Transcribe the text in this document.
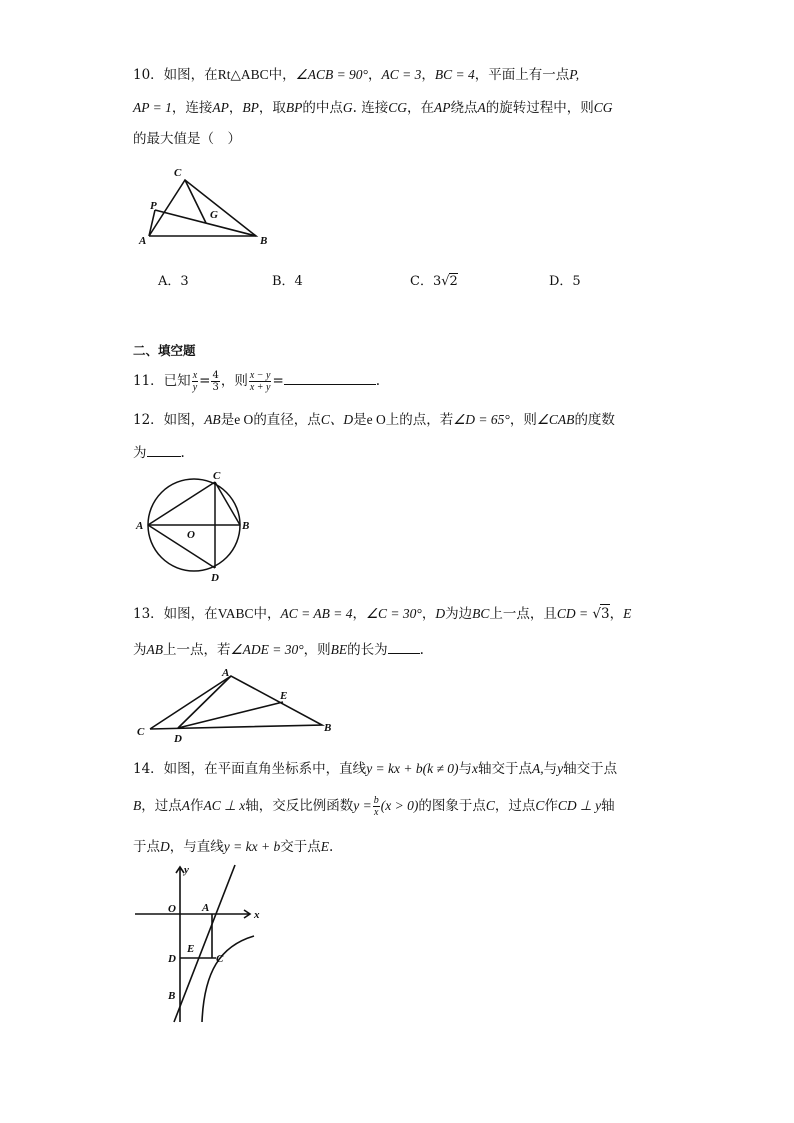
10．如图，在Rt△ABC中，∠ACB = 90°，AC = 3，BC = 4，平面上有一点P,
AP = 1，连接AP，BP，取BP的中点G. 连接CG，在AP绕点A的旋转过程中，则CG
的最大值是（　）
C
P
G
A	B
A．3	B．4	C．3√2	D．5
二、填空题
11．已知 $\frac{x}{y} = \frac{4}{3}$ ，则 $\frac{x - y}{x + y}$ =	.
12．如图，AB是e O的直径，点C、D是e O上的点，若∠D = 65°，则∠CAB的度数
为	.
A	B
C
D
O
13．如图，在VABC中，AC = AB = 4，∠C = 30°，D为边BC上一点，且CD = √3，E
为AB上一点，若∠ADE = 30°，则BE的长为 .
A
B
C
D
E
14．如图，在平面直角坐标系中，直线y = kx + b(k ≠ 0)与x轴交于点A,与y轴交于点
B，过点A作AC ⊥ x轴，交反比例函数$y = \frac{b}{x} (x > 0)$的图象于点C，过点C作CD ⊥ y轴
于点D，与直线y = kx + b交于点E.
y
O A
x
E
D	C
B
